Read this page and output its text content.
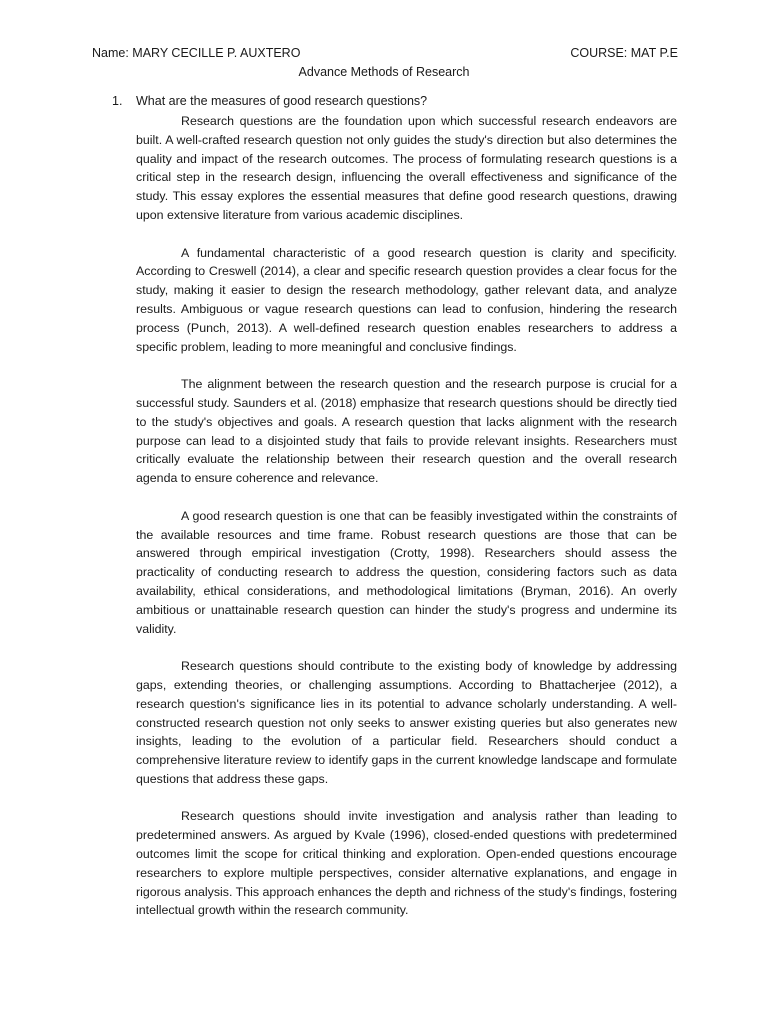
Name: MARY CECILLE P. AUXTERO	COURSE: MAT P.E
Advance Methods of Research
1.	What are the measures of good research questions?

Research questions are the foundation upon which successful research endeavors are built. A well-crafted research question not only guides the study's direction but also determines the quality and impact of the research outcomes. The process of formulating research questions is a critical step in the research design, influencing the overall effectiveness and significance of the study. This essay explores the essential measures that define good research questions, drawing upon extensive literature from various academic disciplines.

A fundamental characteristic of a good research question is clarity and specificity. According to Creswell (2014), a clear and specific research question provides a clear focus for the study, making it easier to design the research methodology, gather relevant data, and analyze results. Ambiguous or vague research questions can lead to confusion, hindering the research process (Punch, 2013). A well-defined research question enables researchers to address a specific problem, leading to more meaningful and conclusive findings.

The alignment between the research question and the research purpose is crucial for a successful study. Saunders et al. (2018) emphasize that research questions should be directly tied to the study's objectives and goals. A research question that lacks alignment with the research purpose can lead to a disjointed study that fails to provide relevant insights. Researchers must critically evaluate the relationship between their research question and the overall research agenda to ensure coherence and relevance.

A good research question is one that can be feasibly investigated within the constraints of the available resources and time frame. Robust research questions are those that can be answered through empirical investigation (Crotty, 1998). Researchers should assess the practicality of conducting research to address the question, considering factors such as data availability, ethical considerations, and methodological limitations (Bryman, 2016). An overly ambitious or unattainable research question can hinder the study's progress and undermine its validity.

Research questions should contribute to the existing body of knowledge by addressing gaps, extending theories, or challenging assumptions. According to Bhattacherjee (2012), a research question's significance lies in its potential to advance scholarly understanding. A well-constructed research question not only seeks to answer existing queries but also generates new insights, leading to the evolution of a particular field. Researchers should conduct a comprehensive literature review to identify gaps in the current knowledge landscape and formulate questions that address these gaps.

Research questions should invite investigation and analysis rather than leading to predetermined answers. As argued by Kvale (1996), closed-ended questions with predetermined outcomes limit the scope for critical thinking and exploration. Open-ended questions encourage researchers to explore multiple perspectives, consider alternative explanations, and engage in rigorous analysis. This approach enhances the depth and richness of the study's findings, fostering intellectual growth within the research community.
